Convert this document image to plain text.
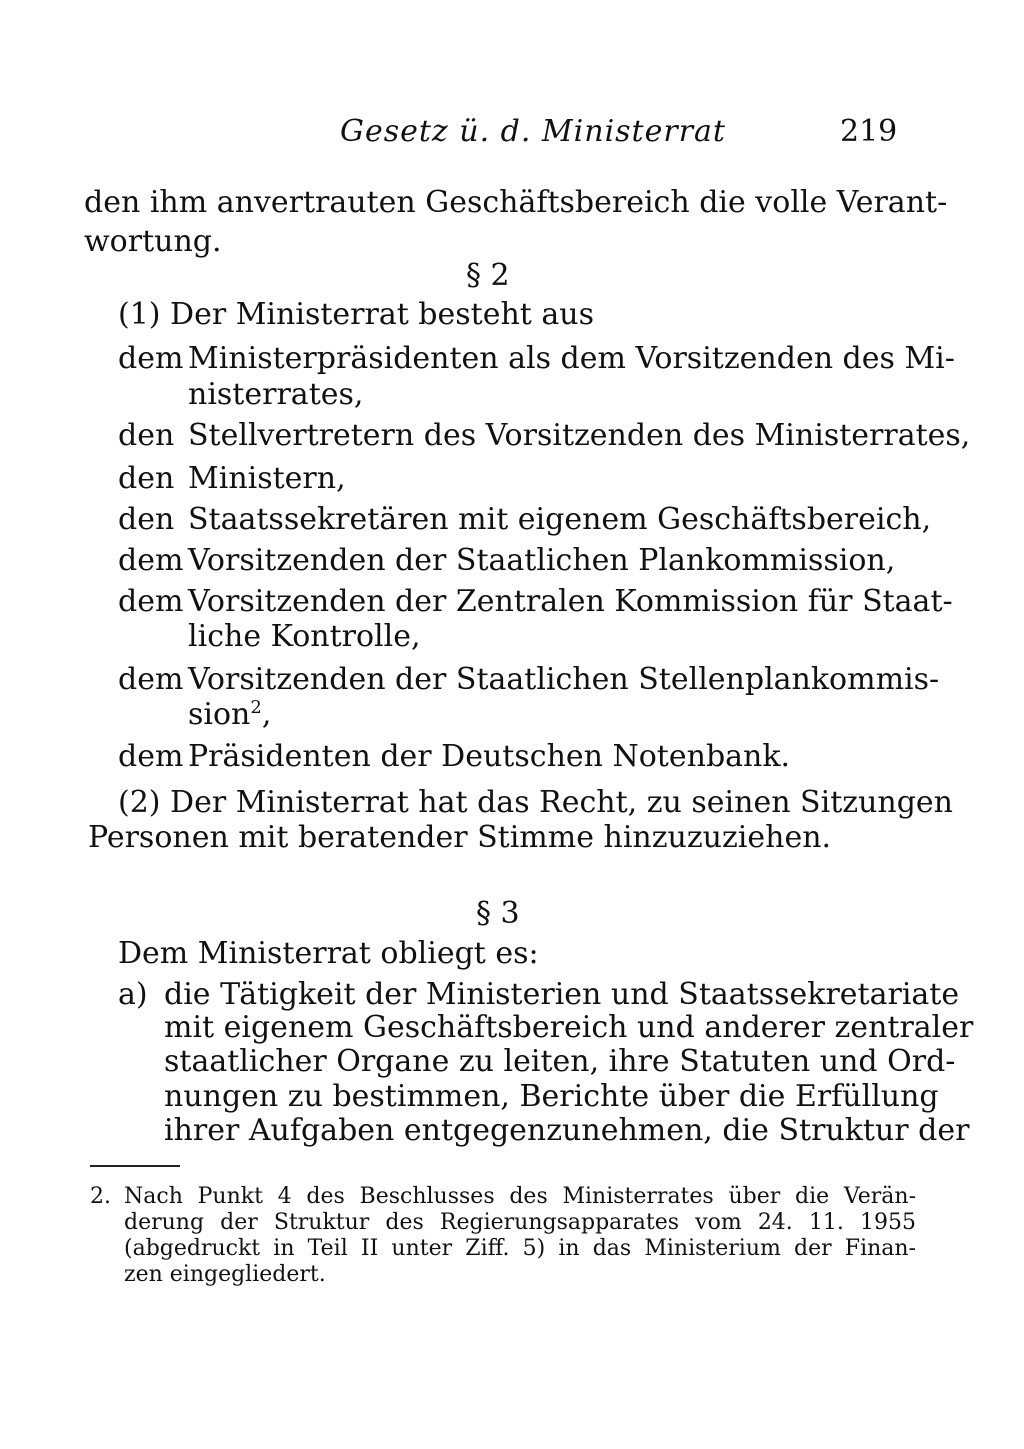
Gesetz ü. d. Ministerrat	219
den ihm anvertrauten Geschäftsbereich die volle Verant-
wortung.
§ 2
(1) Der Ministerrat besteht aus
dem Ministerpräsidenten als dem Vorsitzenden des Mi-
nisterrates,
den Stellvertretern des Vorsitzenden des Ministerrates,
den Ministern,
den Staatssekretären mit eigenem Geschäftsbereich,
dem Vorsitzenden der Staatlichen Plankommission,
dem Vorsitzenden der Zentralen Kommission für Staat-
liche Kontrolle,
dem Vorsitzenden der Staatlichen Stellenplankommis-
sion$^2$,
dem Präsidenten der Deutschen Notenbank.
(2) Der Ministerrat hat das Recht, zu seinen Sitzungen
Personen mit beratender Stimme hinzuzuziehen.
§ 3
Dem Ministerrat obliegt es:
a) die Tätigkeit der Ministerien und Staatssekretariate
mit eigenem Geschäftsbereich und anderer zentraler
staatlicher Organe zu leiten, ihre Statuten und Ord-
nungen zu bestimmen, Berichte über die Erfüllung
ihrer Aufgaben entgegenzunehmen, die Struktur der
2. Nach Punkt 4 des Beschlusses des Ministerrates über die Verän-
derung der Struktur des Regierungsapparates vom 24. 11. 1955
(abgedruckt in Teil II unter Ziff. 5) in das Ministerium der Finan-
zen eingegliedert.
